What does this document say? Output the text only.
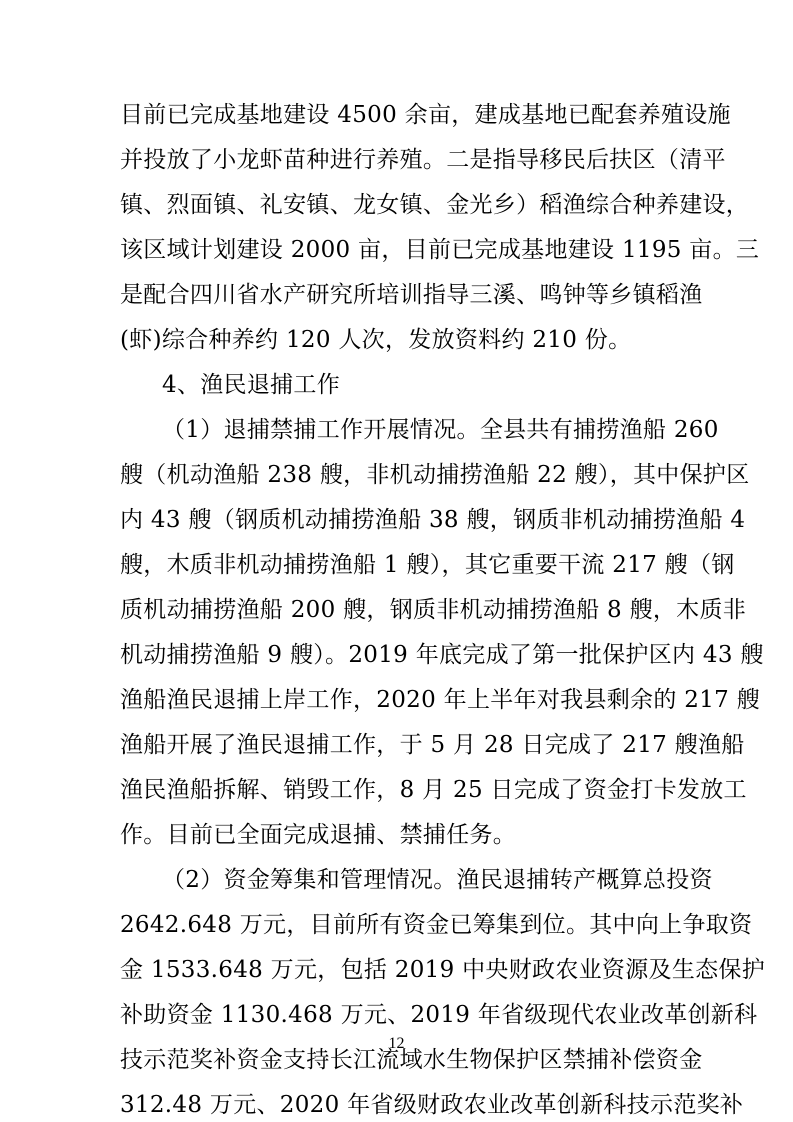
目前已完成基地建设 4500 余亩，建成基地已配套养殖设施
并投放了小龙虾苗种进行养殖。二是指导移民后扶区（清平
镇、烈面镇、礼安镇、龙女镇、金光乡）稻渔综合种养建设，
该区域计划建设 2000 亩，目前已完成基地建设 1195 亩。三
是配合四川省水产研究所培训指导三溪、鸣钟等乡镇稻渔
(虾)综合种养约 120 人次，发放资料约 210 份。
4、渔民退捕工作
（1）退捕禁捕工作开展情况。全县共有捕捞渔船 260
艘（机动渔船 238 艘，非机动捕捞渔船 22 艘），其中保护区
内 43 艘（钢质机动捕捞渔船 38 艘，钢质非机动捕捞渔船 4
艘，木质非机动捕捞渔船 1 艘），其它重要干流 217 艘（钢
质机动捕捞渔船 200 艘，钢质非机动捕捞渔船 8 艘，木质非
机动捕捞渔船 9 艘）。2019 年底完成了第一批保护区内 43 艘
渔船渔民退捕上岸工作，2020 年上半年对我县剩余的 217 艘
渔船开展了渔民退捕工作，于 5 月 28 日完成了 217 艘渔船
渔民渔船拆解、销毁工作，8 月 25 日完成了资金打卡发放工
作。目前已全面完成退捕、禁捕任务。
（2）资金筹集和管理情况。渔民退捕转产概算总投资
2642.648 万元，目前所有资金已筹集到位。其中向上争取资
金 1533.648 万元，包括 2019 中央财政农业资源及生态保护
补助资金 1130.468 万元、2019 年省级现代农业改革创新科
技示范奖补资金支持长江流域水生物保护区禁捕补偿资金
312.48 万元、2020 年省级财政农业改革创新科技示范奖补
12
